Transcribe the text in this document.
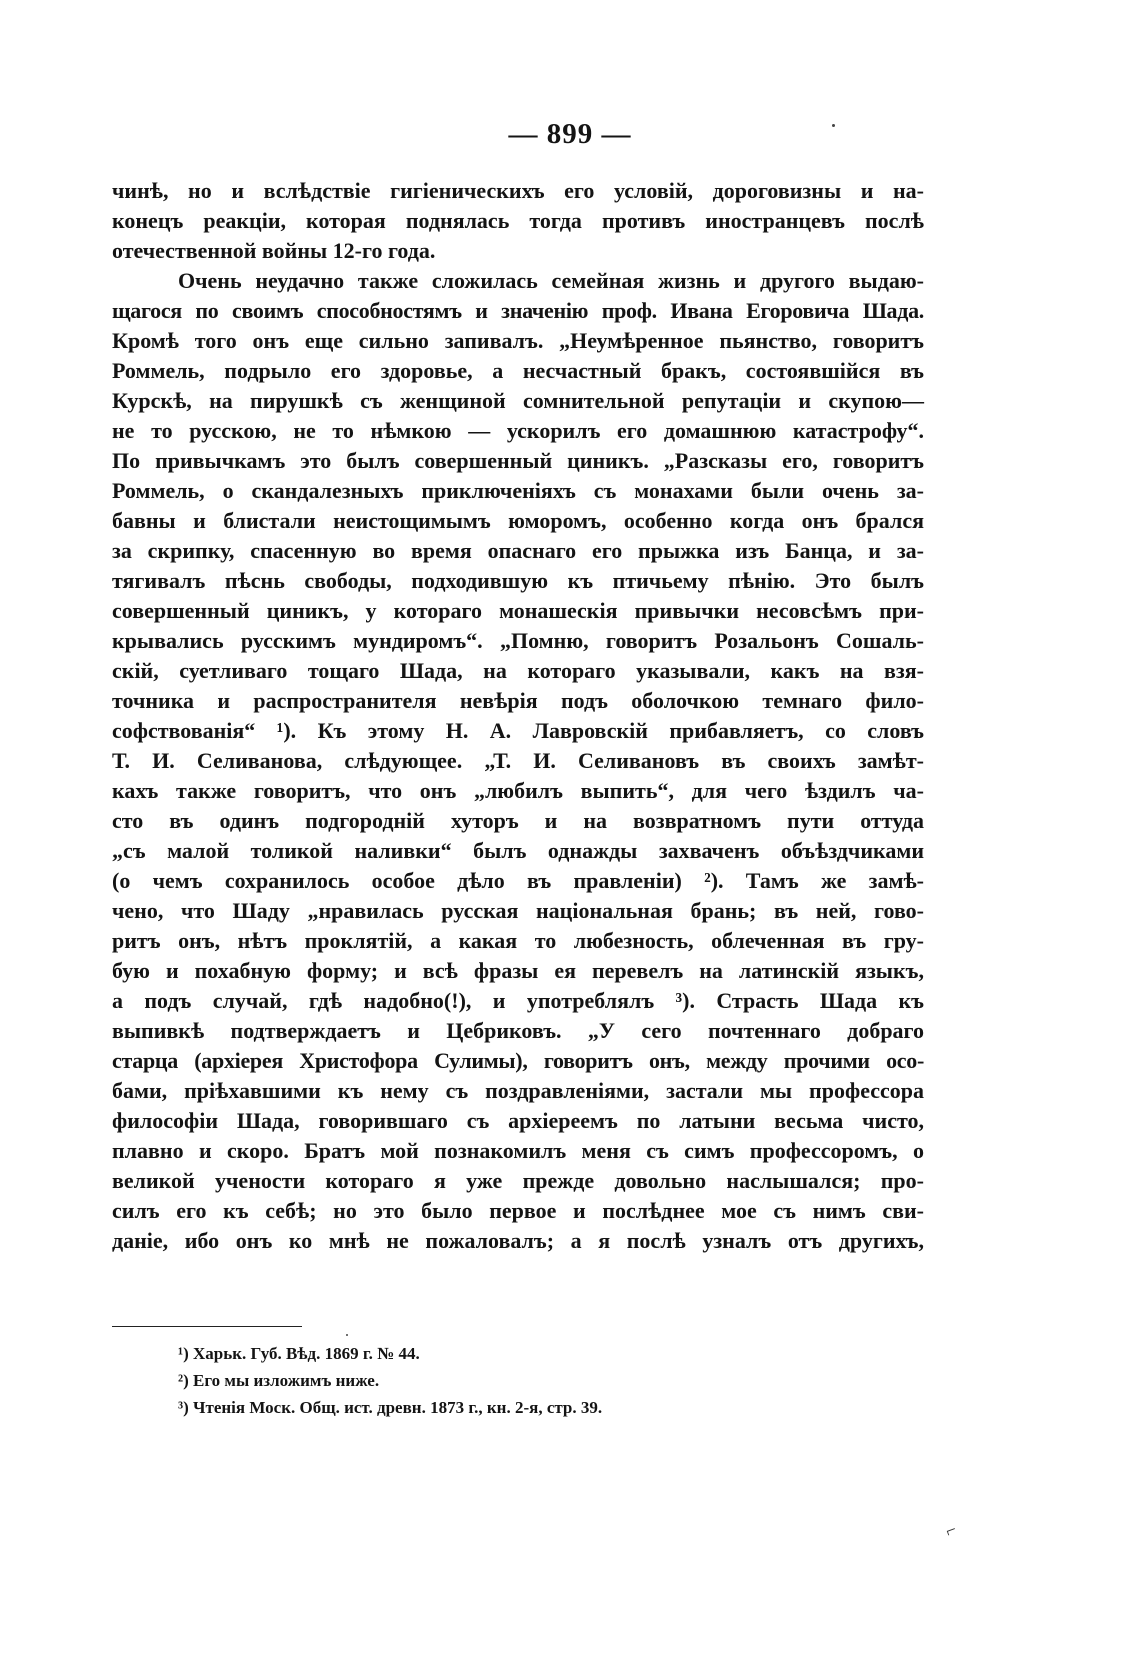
— 899 —
чинѣ, но и вслѣдствіе гигіеническихъ его условій, дороговизны и на-
конецъ реакціи, которая поднялась тогда противъ иностранцевъ послѣ
отечественной войны 12-го года.
Очень неудачно также сложилась семейная жизнь и другого выдаю-
щагося по своимъ способностямъ и значенію проф. Ивана Егоровича Шада.
Кромѣ того онъ еще сильно запивалъ. „Неумѣренное пьянство, говоритъ
Роммель, подрыло его здоровье, а несчастный бракъ, состоявшійся въ
Курскѣ, на пирушкѣ съ женщиной сомнительной репутаціи и скупою—
не то русскою, не то нѣмкою — ускорилъ его домашнюю катастрофу“.
По привычкамъ это былъ совершенный циникъ. „Разсказы его, говоритъ
Роммель, о скандалезныхъ приключеніяхъ съ монахами были очень за-
бавны и блистали неистощимымъ юморомъ, особенно когда онъ брался
за скрипку, спасенную во время опаснаго его прыжка изъ Банца, и за-
тягивалъ пѣснь свободы, подходившую къ птичьему пѣнію. Это былъ
совершенный циникъ, у котораго монашескія привычки несовсѣмъ при-
крывались русскимъ мундиромъ“. „Помню, говоритъ Розальонъ Сошаль-
скій, суетливаго тощаго Шада, на котораго указывали, какъ на взя-
точника и распространителя невѣрія подъ оболочкою темнаго фило-
софствованія“ ¹). Къ этому Н. А. Лавровскій прибавляетъ, со словъ
Т. И. Селиванова, слѣдующее. „Т. И. Селивановъ въ своихъ замѣт-
кахъ также говоритъ, что онъ „любилъ выпить“, для чего ѣздилъ ча-
сто въ одинъ подгородній хуторъ и на возвратномъ пути оттуда
„съ малой толикой наливки“ былъ однажды захваченъ объѣздчиками
(о чемъ сохранилось особое дѣло въ правленіи) ²). Тамъ же замѣ-
чено, что Шаду „нравилась русская національная брань; въ ней, гово-
ритъ онъ, нѣтъ проклятій, а какая то любезность, облеченная въ гру-
бую и похабную форму; и всѣ фразы ея перевелъ на латинскій языкъ,
а подъ случай, гдѣ надобно(!), и употреблялъ ³). Страсть Шада къ
выпивкѣ подтверждаетъ и Цебриковъ. „У сего почтеннаго добраго
старца (архіерея Христофора Сулимы), говоритъ онъ, между прочими осо-
бами, пріѣхавшими къ нему съ поздравленіями, застали мы профессора
философіи Шада, говорившаго съ архіереемъ по латыни весьма чисто,
плавно и скоро. Братъ мой познакомилъ меня съ симъ профессоромъ, о
великой учености котораго я уже прежде довольно наслышался; про-
силъ его къ себѣ; но это было первое и послѣднее мое съ нимъ сви-
даніе, ибо онъ ко мнѣ не пожаловалъ; а я послѣ узналъ отъ другихъ,
¹) Харьк. Губ. Вѣд. 1869 г. № 44.
²) Его мы изложимъ ниже.
³) Чтенія Моск. Общ. ист. древн. 1873 г., кн. 2-я, стр. 39.
⌐
